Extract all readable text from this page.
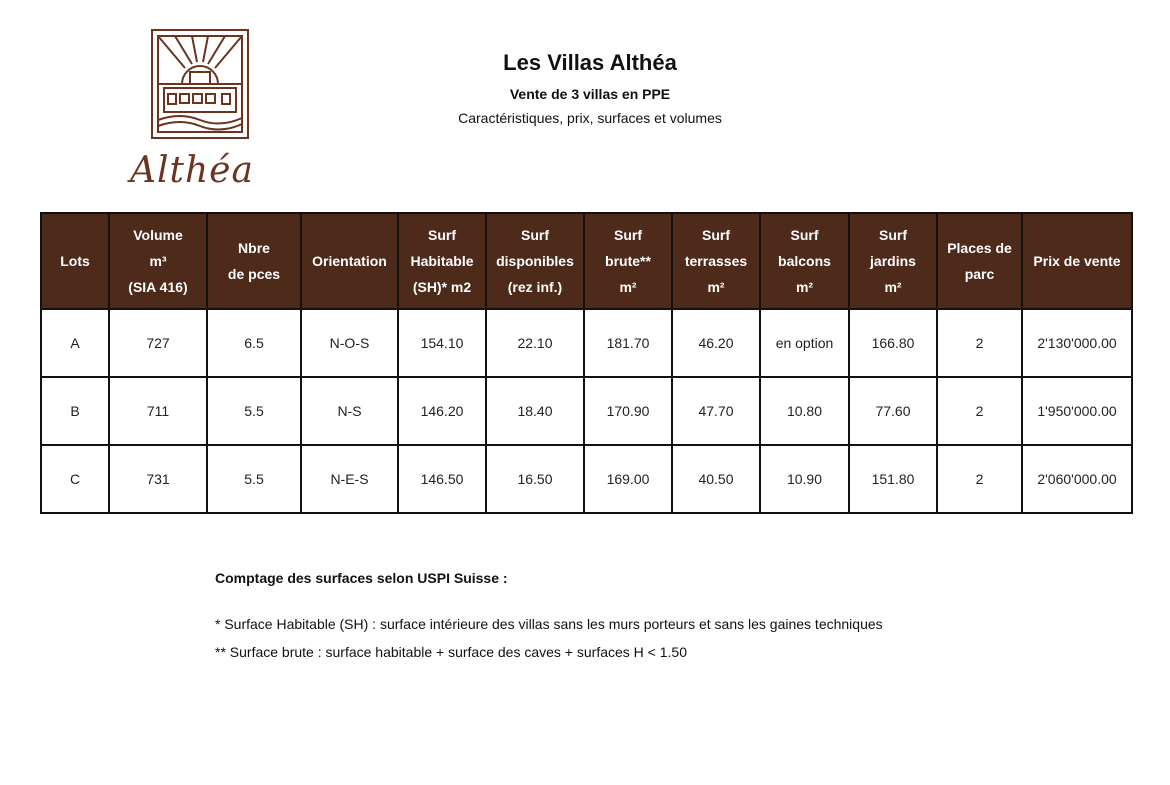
Althéa

Les Villas Althéa

Vente de 3 villas en PPE

Caractéristiques, prix, surfaces et volumes

Lots	Volume
m³
(SIA 416)	Nbre
de pces	Orientation	Surf
Habitable
(SH)* m2	Surf
disponibles
(rez inf.)	Surf
brute**
m²	Surf
terrasses
m²	Surf
balcons
m²	Surf
jardins
m²	Places de
parc	Prix de vente

A	727	6.5	N-O-S	154.10	22.10	181.70	46.20	en option	166.80	2	2'130'000.00
B	711	5.5	N-S	146.20	18.40	170.90	47.70	10.80	77.60	2	1'950'000.00
C	731	5.5	N-E-S	146.50	16.50	169.00	40.50	10.90	151.80	2	2'060'000.00

Comptage des surfaces selon USPI Suisse :

* Surface Habitable (SH) : surface intérieure des villas sans les murs porteurs et sans les gaines techniques

** Surface brute : surface habitable + surface des caves + surfaces H < 1.50
